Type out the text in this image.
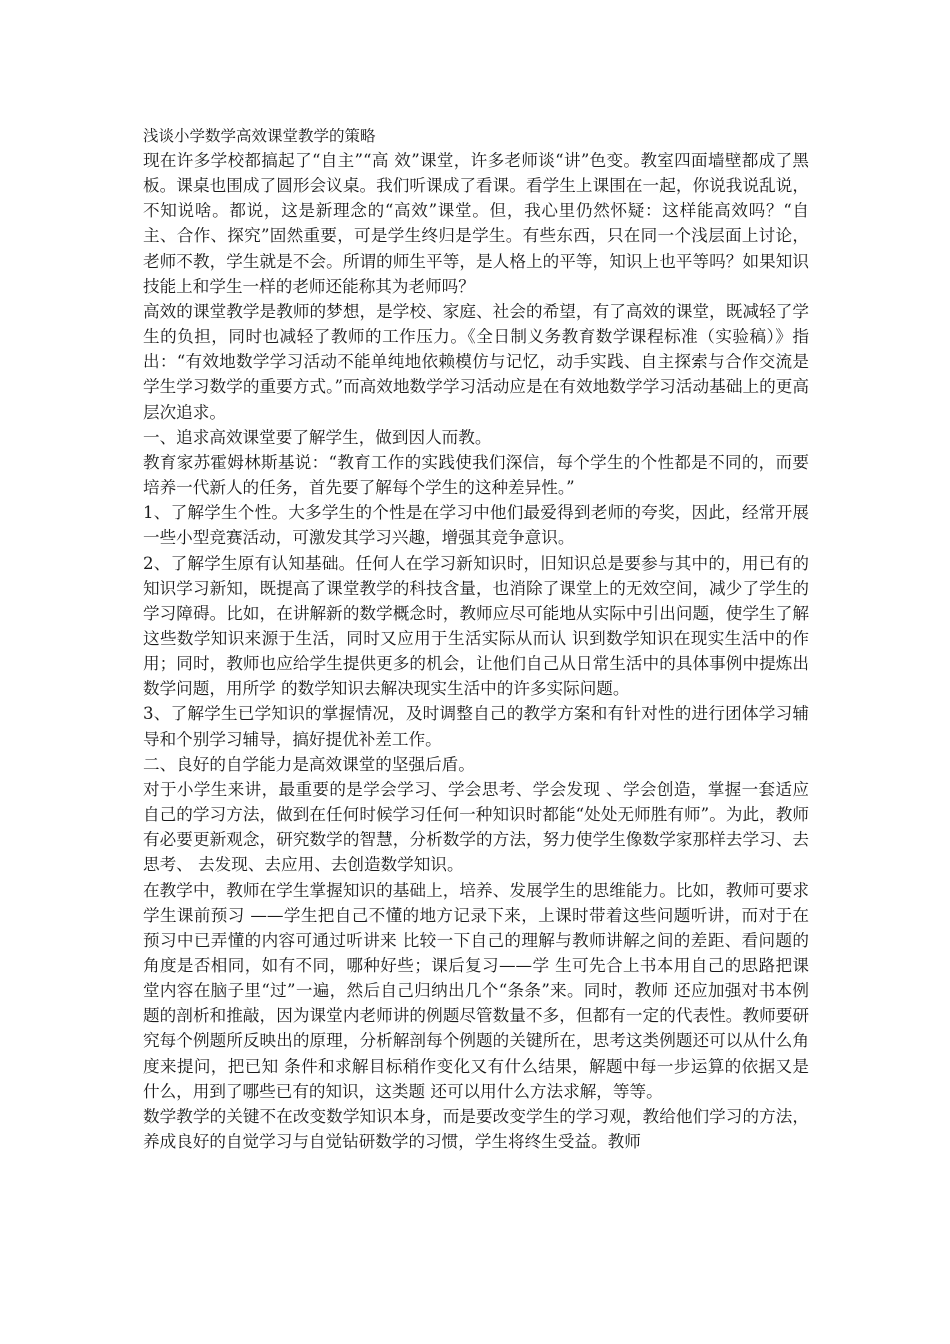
浅谈小学数学高效课堂教学的策略

现在许多学校都搞起了“自主”“高 效”课堂，许多老师谈“讲”色变。教室四面墙壁都成了黑板。课桌也围成了圆形会议桌。我们听课成了看课。看学生上课围在一起，你说我说乱说，不知说啥。都说，这是新理念的“高效”课堂。但，我心里仍然怀疑：这样能高效吗？“自主、合作、探究”固然重要，可是学生终归是学生。有些东西，只在同一个浅层面上讨论，老师不教，学生就是不会。所谓的师生平等，是人格上的平等，知识上也平等吗？如果知识技能上和学生一样的老师还能称其为老师吗？

高效的课堂教学是教师的梦想，是学校、家庭、社会的希望，有了高效的课堂，既减轻了学生的负担，同时也减轻了教师的工作压力。《全日制义务教育数学课程标准（实验稿）》指出：“有效地数学学习活动不能单纯地依赖模仿与记忆，动手实践、自主探索与合作交流是学生学习数学的重要方式。”而高效地数学学习活动应是在有效地数学学习活动基础上的更高层次追求。

一、追求高效课堂要了解学生，做到因人而教。

教育家苏霍姆林斯基说：“教育工作的实践使我们深信，每个学生的个性都是不同的，而要培养一代新人的任务，首先要了解每个学生的这种差异性。”

1、了解学生个性。大多学生的个性是在学习中他们最爱得到老师的夸奖，因此，经常开展一些小型竞赛活动，可激发其学习兴趣，增强其竞争意识。

2、了解学生原有认知基础。任何人在学习新知识时，旧知识总是要参与其中的，用已有的知识学习新知，既提高了课堂教学的科技含量，也消除了课堂上的无效空间，减少了学生的学习障碍。比如，在讲解新的数学概念时，教师应尽可能地从实际中引出问题，使学生了解这些数学知识来源于生活，同时又应用于生活实际从而认 识到数学知识在现实生活中的作用；同时，教师也应给学生提供更多的机会，让他们自己从日常生活中的具体事例中提炼出数学问题，用所学 的数学知识去解决现实生活中的许多实际问题。

3、了解学生已学知识的掌握情况，及时调整自己的教学方案和有针对性的进行团体学习辅导和个别学习辅导，搞好提优补差工作。

二、良好的自学能力是高效课堂的坚强后盾。

对于小学生来讲，最重要的是学会学习、学会思考、学会发现 、学会创造，掌握一套适应自己的学习方法，做到在任何时候学习任何一种知识时都能“处处无师胜有师”。为此，教师有必要更新观念，研究数学的智慧，分析数学的方法，努力使学生像数学家那样去学习、去思考、 去发现、去应用、去创造数学知识。

在教学中，教师在学生掌握知识的基础上，培养、发展学生的思维能力。比如，教师可要求学生课前预习 ——学生把自己不懂的地方记录下来，上课时带着这些问题听讲，而对于在预习中已弄懂的内容可通过听讲来 比较一下自己的理解与教师讲解之间的差距、看问题的角度是否相同，如有不同，哪种好些；课后复习——学 生可先合上书本用自己的思路把课堂内容在脑子里“过”一遍，然后自己归纳出几个“条条”来。同时，教师 还应加强对书本例题的剖析和推敲，因为课堂内老师讲的例题尽管数量不多，但都有一定的代表性。教师要研 究每个例题所反映出的原理，分析解剖每个例题的关键所在，思考这类例题还可以从什么角度来提问，把已知 条件和求解目标稍作变化又有什么结果，解题中每一步运算的依据又是什么，用到了哪些已有的知识，这类题 还可以用什么方法求解，等等。

数学教学的关键不在改变数学知识本身，而是要改变学生的学习观，教给他们学习的方法，养成良好的自觉学习与自觉钻研数学的习惯，学生将终生受益。教师
